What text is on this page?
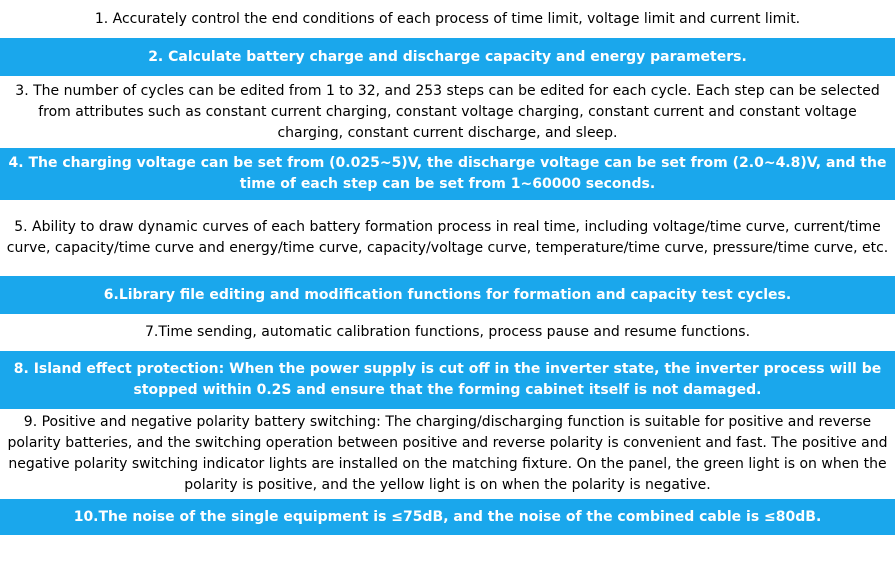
1. Accurately control the end conditions of each process of time limit, voltage limit and current limit.
2. Calculate battery charge and discharge capacity and energy parameters.
3. The number of cycles can be edited from 1 to 32, and 253 steps can be edited for each cycle. Each step can be selected from attributes such as constant current charging, constant voltage charging, constant current and constant voltage charging, constant current discharge, and sleep.
4. The charging voltage can be set from (0.025~5)V, the discharge voltage can be set from (2.0~4.8)V, and the time of each step can be set from 1~60000 seconds.
5. Ability to draw dynamic curves of each battery formation process in real time, including voltage/time curve, current/time curve, capacity/time curve and energy/time curve, capacity/voltage curve, temperature/time curve, pressure/time curve, etc.
6.Library file editing and modification functions for formation and capacity test cycles.
7.Time sending, automatic calibration functions, process pause and resume functions.
8. Island effect protection: When the power supply is cut off in the inverter state, the inverter process will be stopped within 0.2S and ensure that the forming cabinet itself is not damaged.
9. Positive and negative polarity battery switching: The charging/discharging function is suitable for positive and reverse polarity batteries, and the switching operation between positive and reverse polarity is convenient and fast. The positive and negative polarity switching indicator lights are installed on the matching fixture. On the panel, the green light is on when the polarity is positive, and the yellow light is on when the polarity is negative.
10.The noise of the single equipment is ≤75dB, and the noise of the combined cable is ≤80dB.
